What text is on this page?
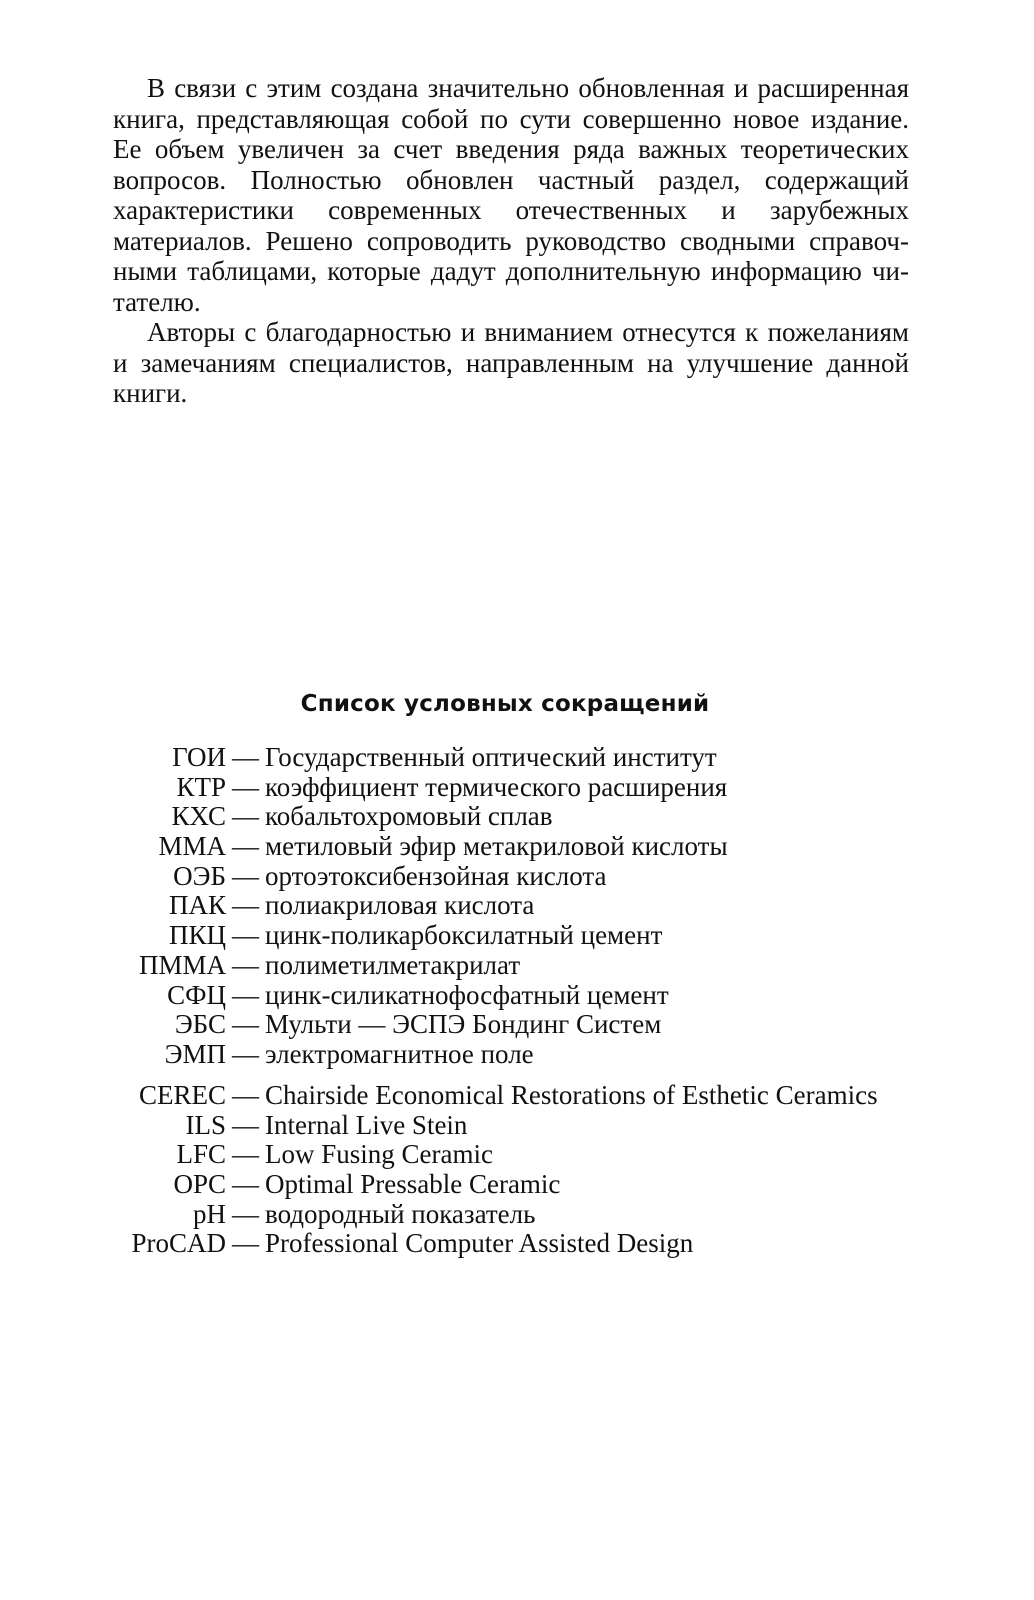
В связи с этим создана значительно обновленная и расширенная книга, представляющая собой по сути совершенно новое издание. Ее объем увеличен за счет введения ряда важных теоретических вопросов. Полностью обновлен частный раздел, содержащий характеристики современных отечественных и зарубежных материалов. Решено сопроводить руководство сводными справочными таблицами, которые дадут дополнительную информацию читателю.

Авторы с благодарностью и вниманием отнесутся к пожеланиям и замечаниям специалистов, направленным на улучшение данной книги.

Список условных сокращений
ГОИ — Государственный оптический институт
КТР — коэффициент термического расширения
КХС — кобальтохромовый сплав
ММА — метиловый эфир метакриловой кислоты
ОЭБ — ортоэтоксибензойная кислота
ПАК — полиакриловая кислота
ПКЦ — цинк-поликарбоксилатный цемент
ПММА — полиметилметакрилат
СФЦ — цинк-силикатнофосфатный цемент
ЭБС — Мульти — ЭСПЭ Бондинг Систем
ЭМП — электромагнитное поле
CEREC — Chairside Economical Restorations of Esthetic Ceramics
ILS — Internal Live Stein
LFC — Low Fusing Ceramic
OPC — Optimal Pressable Ceramic
pH — водородный показатель
ProCAD — Professional Computer Assisted Design
